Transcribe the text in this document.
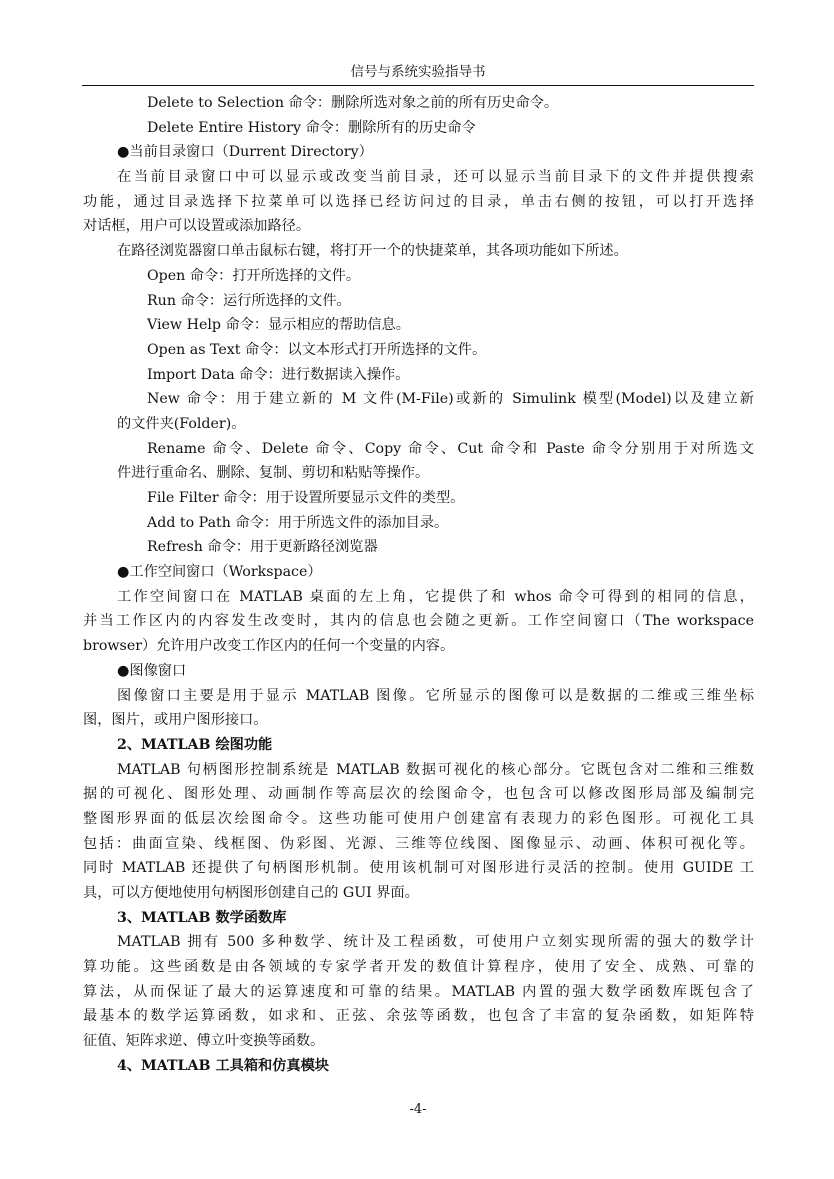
信号与系统实验指导书
Delete to Selection 命令：删除所选对象之前的所有历史命令。
Delete Entire History 命令：删除所有的历史命令
●当前目录窗口（Durrent Directory）
在当前目录窗口中可以显示或改变当前目录，还可以显示当前目录下的文件并提供搜索
功能，通过目录选择下拉菜单可以选择已经访问过的目录，单击右侧的按钮，可以打开选择
对话框，用户可以设置或添加路径。
在路径浏览器窗口单击鼠标右键，将打开一个的快捷菜单，其各项功能如下所述。
Open 命令：打开所选择的文件。
Run 命令：运行所选择的文件。
View Help 命令：显示相应的帮助信息。
Open as Text 命令：以文本形式打开所选择的文件。
Import Data 命令：进行数据读入操作。
New 命令：用于建立新的 M 文件(M-File)或新的 Simulink 模型(Model)以及建立新
的文件夹(Folder)。
Rename 命令、Delete 命令、Copy 命令、Cut 命令和 Paste 命令分别用于对所选文
件进行重命名、删除、复制、剪切和粘贴等操作。
File Filter 命令：用于设置所要显示文件的类型。
Add to Path 命令：用于所选文件的添加目录。
Refresh 命令：用于更新路径浏览器
●工作空间窗口（Workspace）
工作空间窗口在 MATLAB 桌面的左上角，它提供了和 whos 命令可得到的相同的信息，
并当工作区内的内容发生改变时，其内的信息也会随之更新。工作空间窗口（The workspace
browser）允许用户改变工作区内的任何一个变量的内容。
●图像窗口
图像窗口主要是用于显示 MATLAB 图像。它所显示的图像可以是数据的二维或三维坐标
图，图片，或用户图形接口。
2、MATLAB 绘图功能
MATLAB 句柄图形控制系统是 MATLAB 数据可视化的核心部分。它既包含对二维和三维数
据的可视化、图形处理、动画制作等高层次的绘图命令，也包含可以修改图形局部及编制完
整图形界面的低层次绘图命令。这些功能可使用户创建富有表现力的彩色图形。可视化工具
包括：曲面宣染、线框图、伪彩图、光源、三维等位线图、图像显示、动画、体积可视化等。
同时 MATLAB 还提供了句柄图形机制。使用该机制可对图形进行灵活的控制。使用 GUIDE 工
具，可以方便地使用句柄图形创建自己的 GUI 界面。
3、MATLAB 数学函数库
MATLAB 拥有 500 多种数学、统计及工程函数，可使用户立刻实现所需的强大的数学计
算功能。这些函数是由各领域的专家学者开发的数值计算程序，使用了安全、成熟、可靠的
算法，从而保证了最大的运算速度和可靠的结果。MATLAB 内置的强大数学函数库既包含了
最基本的数学运算函数，如求和、正弦、余弦等函数，也包含了丰富的复杂函数，如矩阵特
征值、矩阵求逆、傅立叶变换等函数。
4、MATLAB 工具箱和仿真模块
-4-
